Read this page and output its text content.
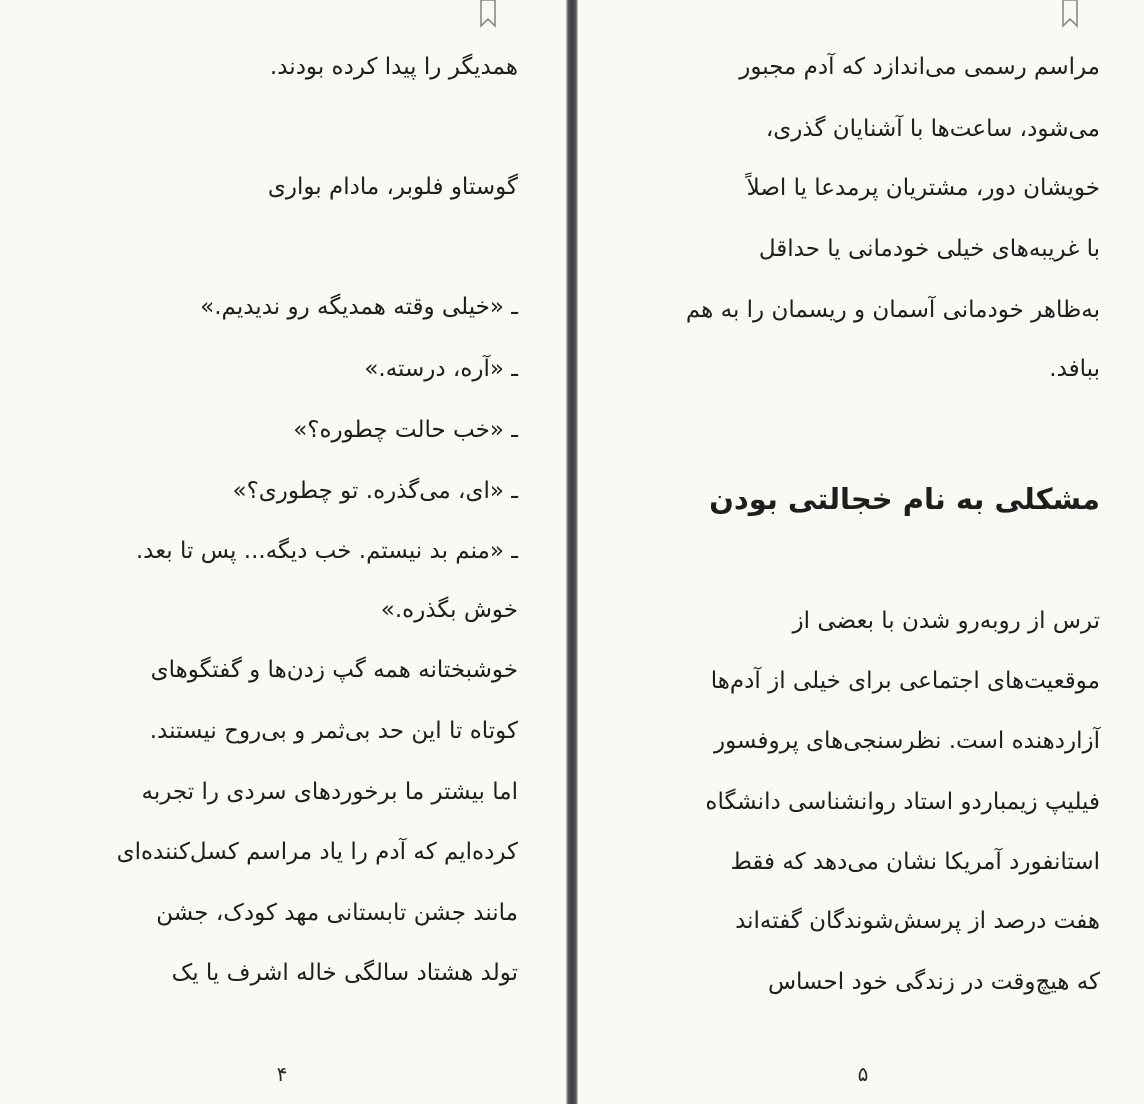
همدیگر را پیدا کرده بودند.
گوستاو فلوبر، مادام بواری
ـ «خیلی وقته همدیگه رو ندیدیم.»
ـ «آره، درسته.»
ـ «خب حالت چطوره؟»
ـ «ای، می‌گذره. تو چطوری؟»
ـ «منم بد نیستم. خب دیگه... پس تا بعد.
خوش بگذره.»
خوشبختانه همه گپ زدن‌ها و گفتگوهای
کوتاه تا این حد بی‌ثمر و بی‌روح نیستند.
اما بیشتر ما برخوردهای سردی را تجربه
کرده‌ایم که آدم را یاد مراسم کسل‌کننده‌ای
مانند جشن تابستانی مهد کودک، جشن
تولد هشتاد سالگی خاله اشرف یا یک
۴
مراسم رسمی می‌اندازد که آدم مجبور
می‌شود، ساعت‌ها با آشنایان گذری،
خویشان دور، مشتریان پرمدعا یا اصلاً
با غریبه‌های خیلی خودمانی یا حداقل
به‌ظاهر خودمانی آسمان و ریسمان را به هم
ببافد.
مشکلی به نام خجالتی بودن
ترس از روبه‌رو شدن با بعضی از
موقعیت‌های اجتماعی برای خیلی از آدم‌ها
آزاردهنده است. نظرسنجی‌های پروفسور
فیلیپ زیمباردو استاد روانشناسی دانشگاه
استانفورد آمریکا نشان می‌دهد که فقط
هفت درصد از پرسش‌شوندگان گفته‌اند
که هیچ‌وقت در زندگی خود احساس
۵
